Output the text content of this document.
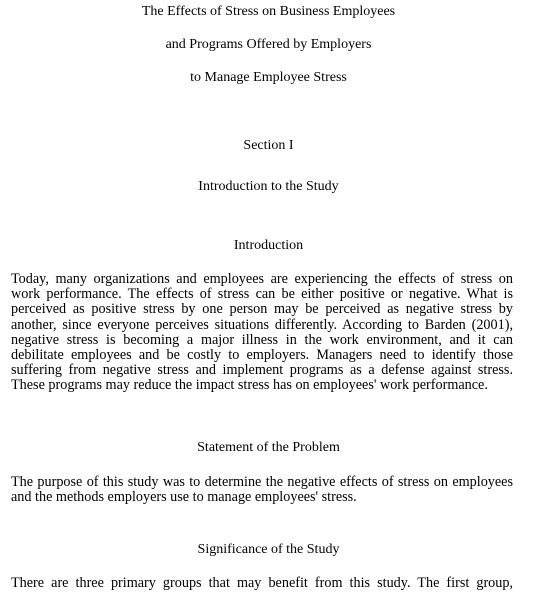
The Effects of Stress on Business Employees
and Programs Offered by Employers
to Manage Employee Stress
Section I
Introduction to the Study
Introduction
Today, many organizations and employees are experiencing the effects of stress on
work performance. The effects of stress can be either positive or negative. What is
perceived as positive stress by one person may be perceived as negative stress by
another, since everyone perceives situations differently. According to Barden (2001),
negative stress is becoming a major illness in the work environment, and it can
debilitate employees and be costly to employers. Managers need to identify those
suffering from negative stress and implement programs as a defense against stress.
These programs may reduce the impact stress has on employees' work performance.
Statement of the Problem
The purpose of this study was to determine the negative effects of stress on employees
and the methods employers use to manage employees' stress.
Significance of the Study
There are three primary groups that may benefit from this study. The first group,
